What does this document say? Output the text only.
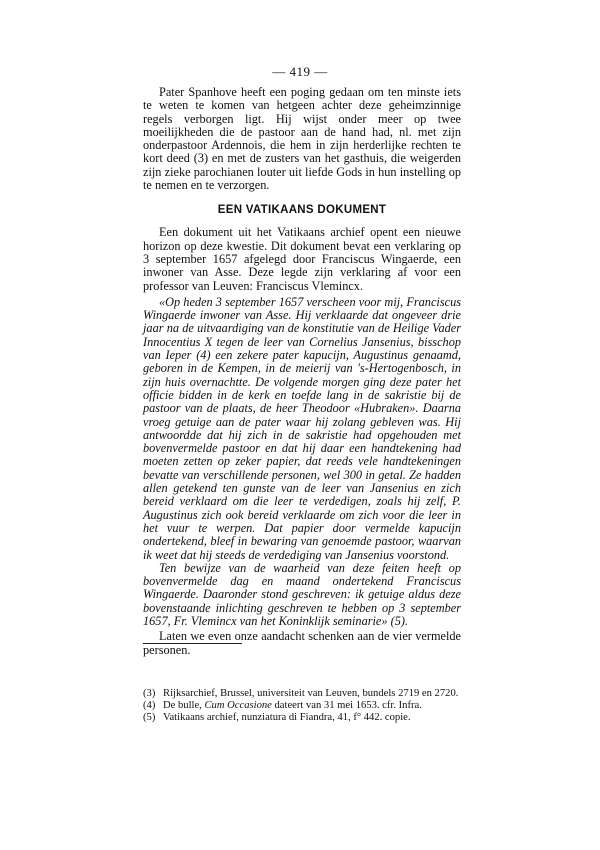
— 419 —

Pater Spanhove heeft een poging gedaan om ten minste iets te weten te komen van hetgeen achter deze geheimzinnige regels verborgen ligt. Hij wijst onder meer op twee moeilijkheden die de pastoor aan de hand had, nl. met zijn onderpastoor Ardennois, die hem in zijn herderlijke rechten te kort deed (3) en met de zusters van het gasthuis, die weigerden zijn zieke parochianen louter uit liefde Gods in hun instelling op te nemen en te verzorgen.

EEN VATIKAANS DOKUMENT

Een dokument uit het Vatikaans archief opent een nieuwe horizon op deze kwestie. Dit dokument bevat een verklaring op 3 september 1657 afgelegd door Franciscus Wingaerde, een inwoner van Asse. Deze legde zijn verklaring af voor een professor van Leuven: Franciscus Vlemincx.

«Op heden 3 september 1657 verscheen voor mij, Franciscus Wingaerde inwoner van Asse. Hij verklaarde dat ongeveer drie jaar na de uitvaardiging van de konstitutie van de Heilige Vader Innocentius X tegen de leer van Cornelius Jansenius, bisschop van Ieper (4) een zekere pater kapucijn, Augustinus genaamd, geboren in de Kempen, in de meierij van 's-Hertogenbosch, in zijn huis overnachtte. De volgende morgen ging deze pater het officie bidden in de kerk en toefde lang in de sakristie bij de pastoor van de plaats, de heer Theodoor «Hubraken». Daarna vroeg getuige aan de pater waar hij zolang gebleven was. Hij antwoordde dat hij zich in de sakristie had opgehouden met bovenvermelde pastoor en dat hij daar een handtekening had moeten zetten op zeker papier, dat reeds vele handtekeningen bevatte van verschillende personen, wel 300 in getal. Ze hadden allen getekend ten gunste van de leer van Jansenius en zich bereid verklaard om die leer te verdedigen, zoals hij zelf, P. Augustinus zich ook bereid verklaarde om zich voor die leer in het vuur te werpen. Dat papier door vermelde kapucijn ondertekend, bleef in bewaring van genoemde pastoor, waarvan ik weet dat hij steeds de verdediging van Jansenius voorstond.

Ten bewijze van de waarheid van deze feiten heeft op bovenvermelde dag en maand ondertekend Franciscus Wingaerde. Daaronder stond geschreven: ik getuige aldus deze bovenstaande inlichting geschreven te hebben op 3 september 1657, Fr. Vlemincx van het Koninklijk seminarie» (5).

Laten we even onze aandacht schenken aan de vier vermelde personen.

(3) Rijksarchief, Brussel, universiteit van Leuven, bundels 2719 en 2720.
(4) De bulle, Cum Occasione dateert van 31 mei 1653. cfr. Infra.
(5) Vatikaans archief, nunziatura di Fiandra, 41, f° 442. copie.
